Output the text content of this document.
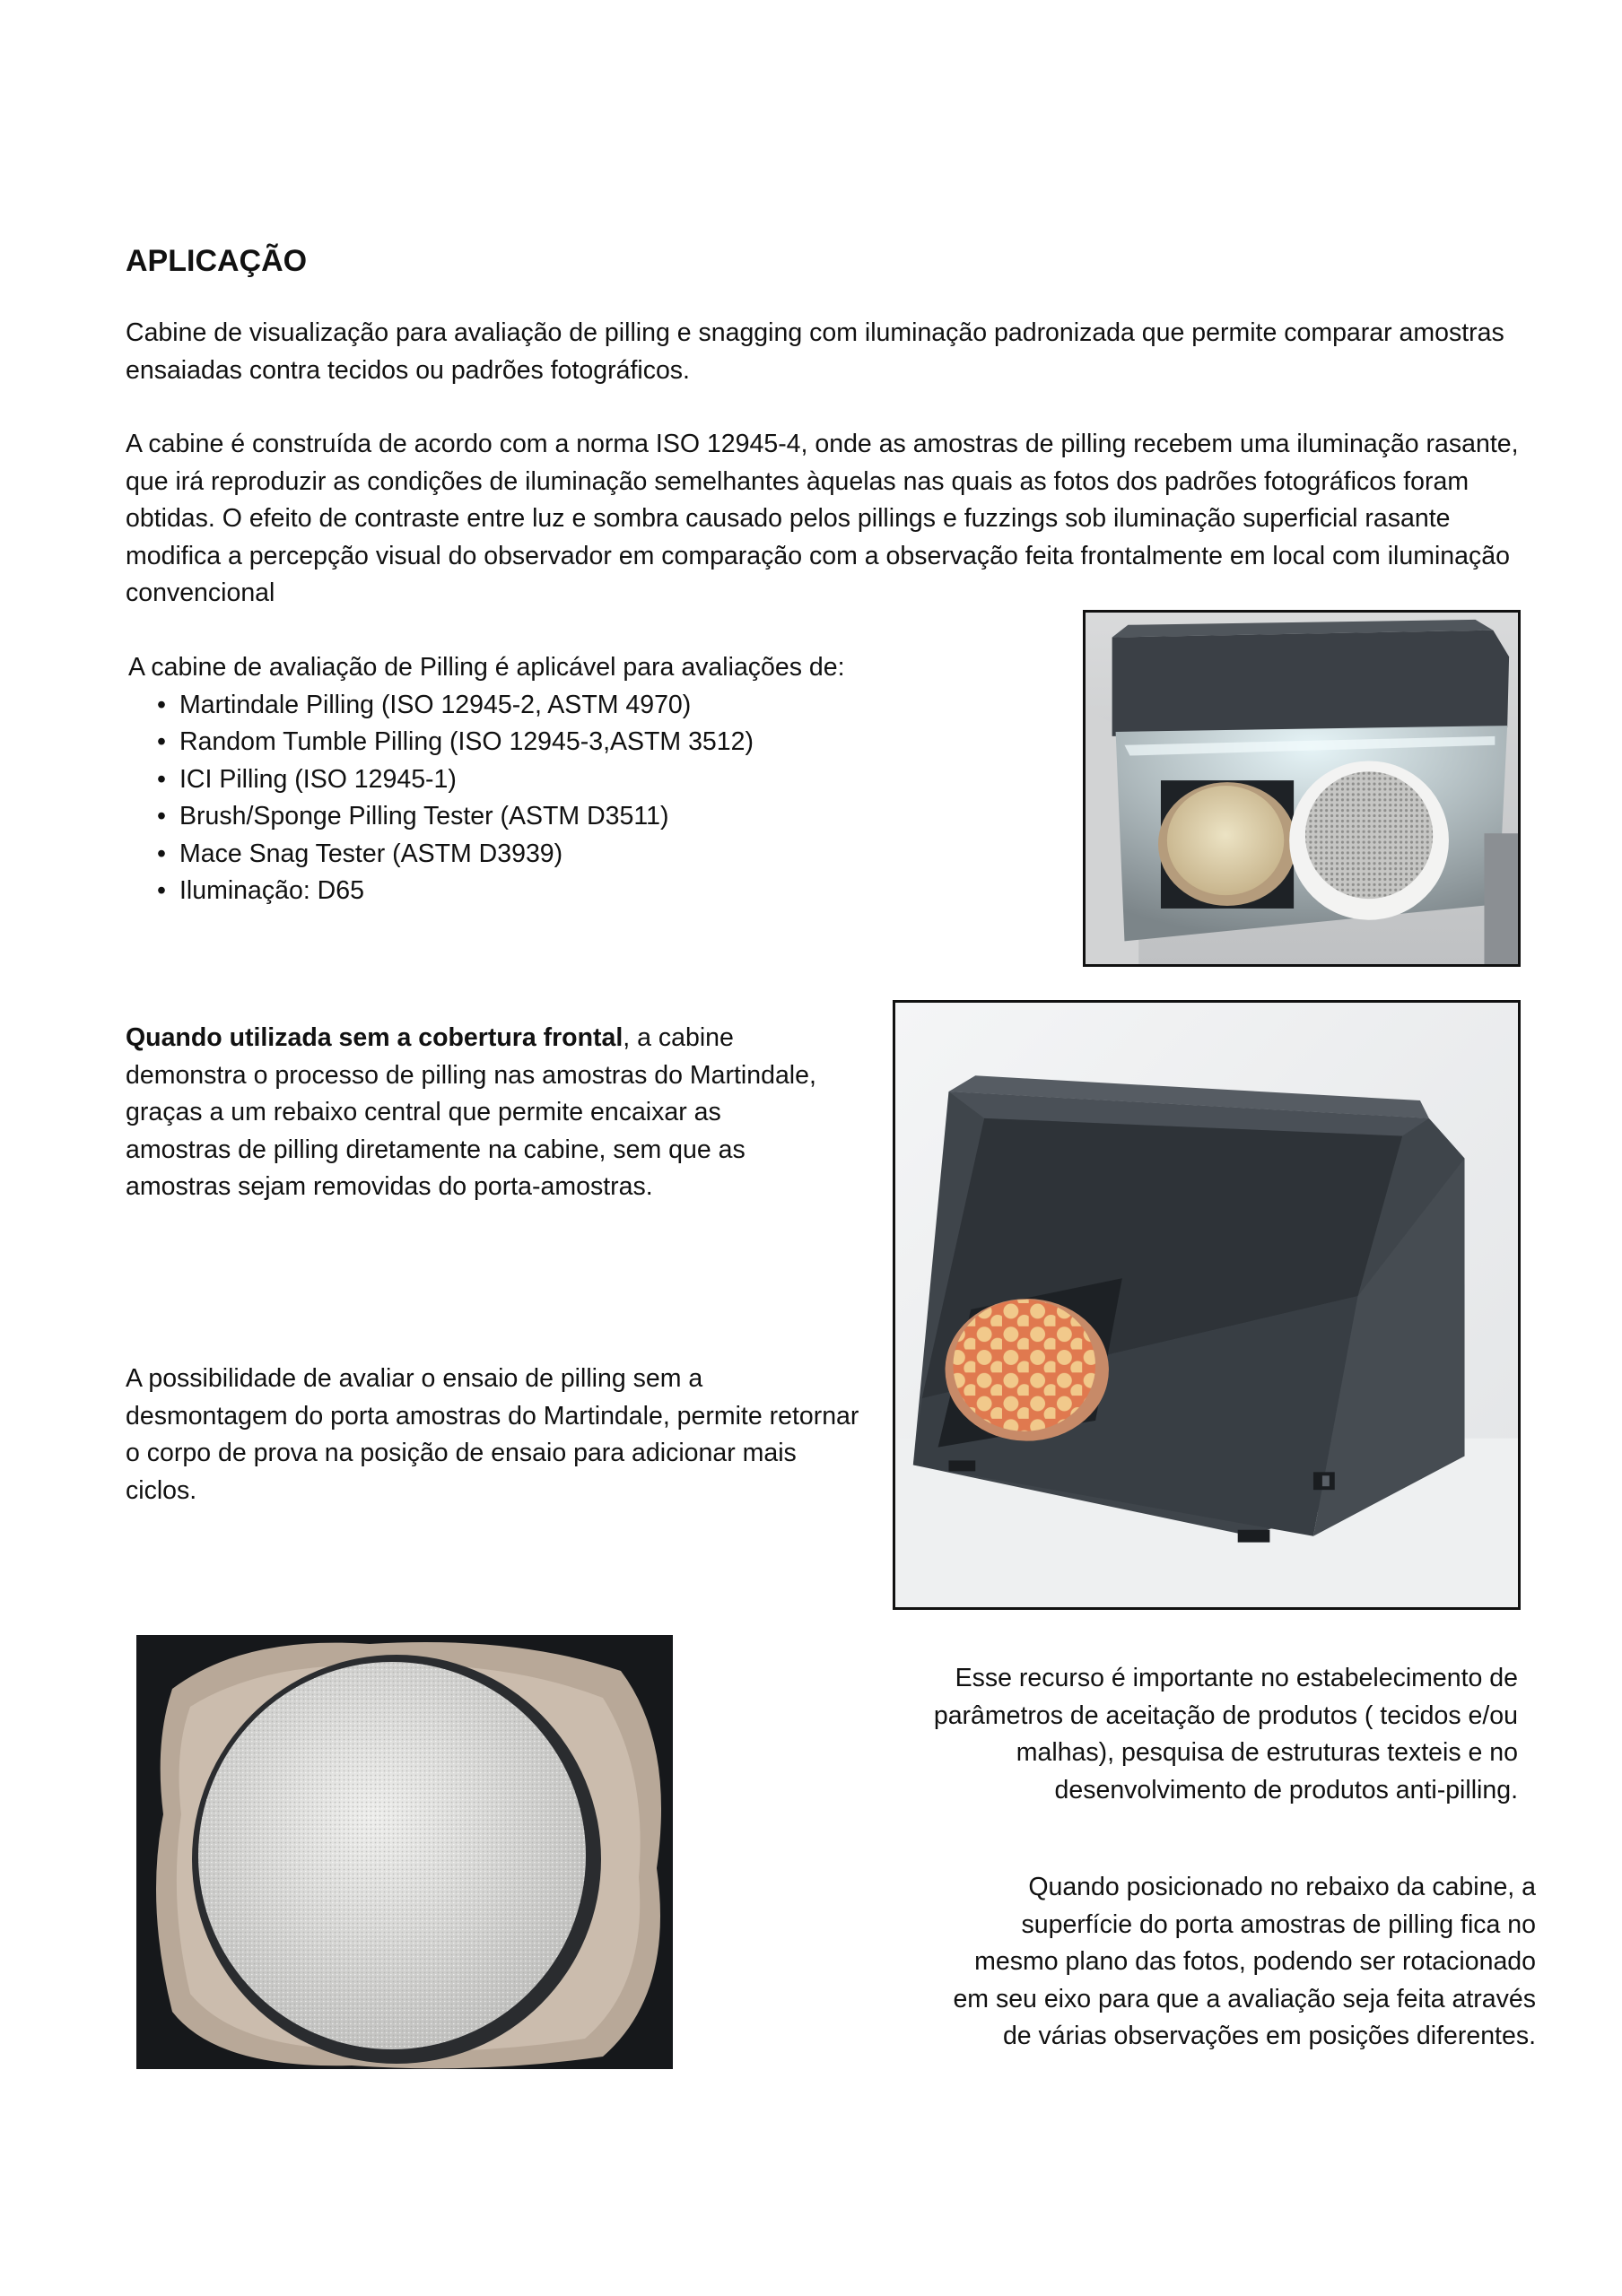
APLICAÇÃO

Cabine de visualização para avaliação de pilling e snagging com iluminação padronizada que permite comparar amostras ensaiadas contra tecidos ou padrões fotográficos.

A cabine é construída de acordo com a norma ISO 12945-4, onde as amostras de pilling recebem uma iluminação rasante, que irá reproduzir as condições de iluminação semelhantes àquelas nas quais as fotos dos padrões fotográficos foram obtidas. O efeito de contraste entre luz e sombra causado pelos pillings e fuzzings sob iluminação superficial rasante modifica a percepção visual do observador em comparação com a observação feita frontalmente em local com iluminação convencional

A cabine de avaliação de Pilling é aplicável para avaliações de:

• Martindale Pilling (ISO 12945-2, ASTM 4970)
• Random Tumble Pilling (ISO 12945-3,ASTM 3512)
• ICI Pilling (ISO 12945-1)
• Brush/Sponge Pilling Tester (ASTM D3511)
• Mace Snag Tester (ASTM D3939)
• Iluminação: D65

Quando utilizada sem a cobertura frontal, a cabine demonstra o processo de pilling nas amostras do Martindale, graças a um rebaixo central que permite encaixar as amostras de pilling diretamente na cabine, sem que as amostras sejam removidas do porta-amostras.

A possibilidade de avaliar o ensaio de pilling sem a desmontagem do porta amostras do Martindale, permite retornar o corpo de prova na posição de ensaio para adicionar mais ciclos.

Esse recurso é importante no estabelecimento de parâmetros de aceitação de produtos ( tecidos e/ou malhas), pesquisa de estruturas texteis e no desenvolvimento de produtos anti-pilling.

Quando posicionado no rebaixo da cabine, a superfície do porta amostras de pilling fica no mesmo plano das fotos, podendo ser rotacionado em seu eixo para que a avaliação seja feita através de várias observações em posições diferentes.
